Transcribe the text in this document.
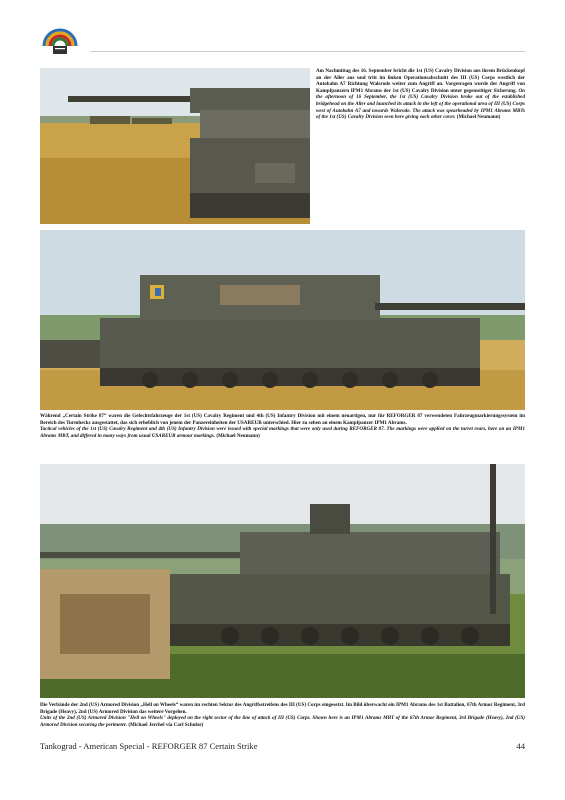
Am Nachmittag des 16. September bricht die 1st (US) Cavalry Division aus ihrem Brückenkopf an der Aller aus und tritt im linken Operationsabschnitt des III (US) Corps westlich der Autobahn A7 Richtung Walsrode weiter zum Angriff an. Vorgetragen wurde der Angriff von Kampfpanzern IPM1 Abrams der 1st (US) Cavalry Division unter gegenseitiger Sicherung. On the afternoon of 16 September, the 1st (US) Cavalry Division broke out of the established bridgehead on the Aller and launched its attack in the left of the operational area of III (US) Corps west of Autobahn A7 and towards Walsrode. The attack was spearheaded by IPM1 Abrams MBTs of the 1st (US) Cavalry Division seen here giving each other cover. (Michael Neumann)

Während „Certain Strike 87“ waren die Gefechtsfahrzeuge der 1st (US) Cavalry Regiment und 4th (US) Infantry Division mit einem neuartigen, nur für REFORGER 87 verwendeten Fahrzeugmarkierungssystem im Bereich des Turmhecks ausgestattet, das sich erheblich von jenem der Panzereinheiten der USAREUR unterschied. Hier zu sehen an einem Kampfpanzer IPM1 Abrams.

Tactical vehicles of the 1st (US) Cavalry Regiment and 4th (US) Infantry Division were issued with special markings that were only used during REFORGER 87. The markings were applied on the turret rears, here on an IPM1 Abrams MBT, and differed in many ways from usual USAREUR armour markings. (Michael Neumann)

Die Verbände der 2nd (US) Armored Division „Hell on Wheels“ waren im rechten Sektor des Angriffsstreifens des III (US) Corps eingesetzt. Im Bild überwacht ein IPM1 Abrams des 1st Battalion, 67th Armor Regiment, 3rd Brigade (Heavy), 2nd (US) Armored Division das weitere Vorgehen.

Units of the 2nd (US) Armored Division "Hell on Wheels" deployed on the right sector of the line of attack of III (US) Corps. Shown here is an IPM1 Abrams MBT of the 67th Armor Regiment, 3rd Brigade (Heavy), 2nd (US) Armored Division securing the perimeter. (Michael Jerchel via Carl Schulze)

Tankograd - American Special - REFORGER 87 Certain Strike	44
